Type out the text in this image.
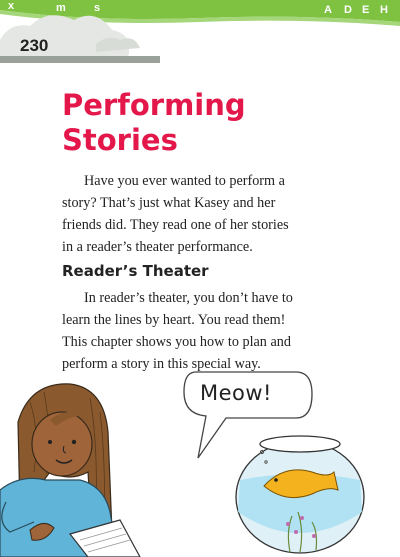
x	m	s	A D E H
230
Performing
Stories

Have you ever wanted to perform a
story? That’s just what Kasey and her
friends did. They read one of her stories
in a reader’s theater performance.

Reader’s Theater

In reader’s theater, you don’t have to
learn the lines by heart. You read them!
This chapter shows you how to plan and
perform a story in this special way.

Meow!
